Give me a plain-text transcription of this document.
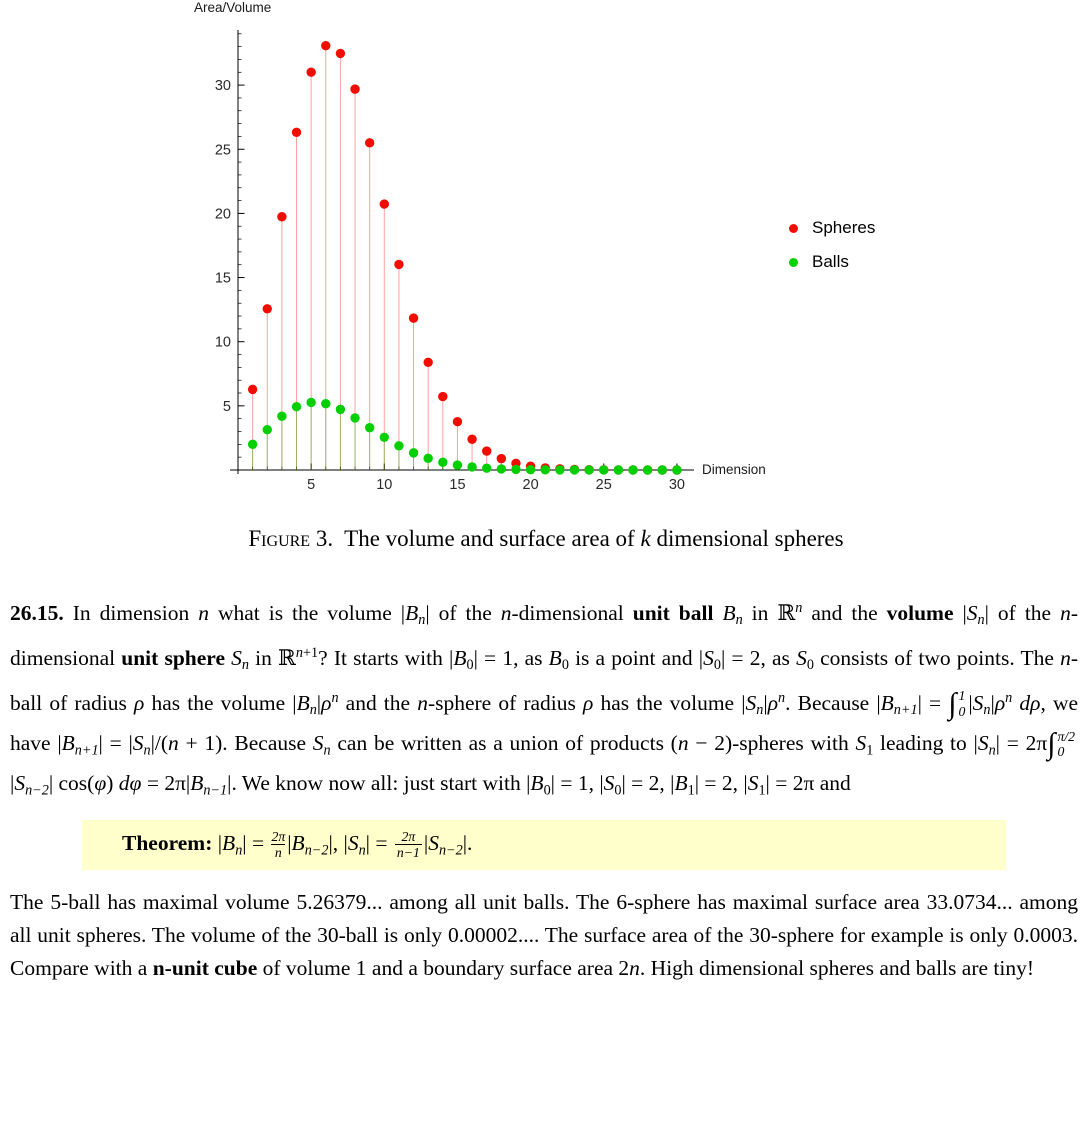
5	10	15	20	25	30
5
10
15
20
25
30
Area/Volume
Dimension
Spheres
Balls
Figure 3.  The volume and surface area of k dimensional spheres

26.15. In dimension n what is the volume $|B_n|$ of the n-dimensional unit ball $B_n$ in ℝ$^n$ and the volume $|S_n|$ of the n-dimensional unit sphere $S_n$ in ℝ$^{n+1}$? It starts with $|B_0| = 1$, as $B_0$ is a point and $|S_0| = 2$, as $S_0$ consists of two points. The n-ball of radius ρ has the volume $|B_n|\rho^n$ and the n-sphere of radius ρ has the volume $|S_n|\rho^n$. Because $|B_{n+1}|$ = ∫ 1
0 $|S_n|\rho^n$ dρ, we have $|B_{n+1}| = |S_n|/(n + 1)$. Because $S_n$ can be written as a union of products (n − 2)-spheres with $S_1$ leading to $|S_n| = 2\pi\int$ π/2
0
$|S_{n-2}|$ cos(φ) $d\varphi = 2\pi|B_{n-1}|$. We know now all: just start with $|B_0| = 1$, $|S_0| = 2$, $|B_1| = 2$, $|S_1| = 2\pi$ and

Theorem: $|B_n| = \frac{2\pi}{n} |B_{n-2}|$, $|S_n| = \frac{2\pi}{n-1} |S_{n-2}|$.

The 5-ball has maximal volume 5.26379... among all unit balls. The 6-sphere has maximal surface area 33.0734... among all unit spheres. The volume of the 30-ball is only 0.00002.... The surface area of the 30-sphere for example is only 0.0003. Compare with a n-unit cube of volume 1 and a boundary surface area 2n. High dimensional spheres and balls are tiny!
